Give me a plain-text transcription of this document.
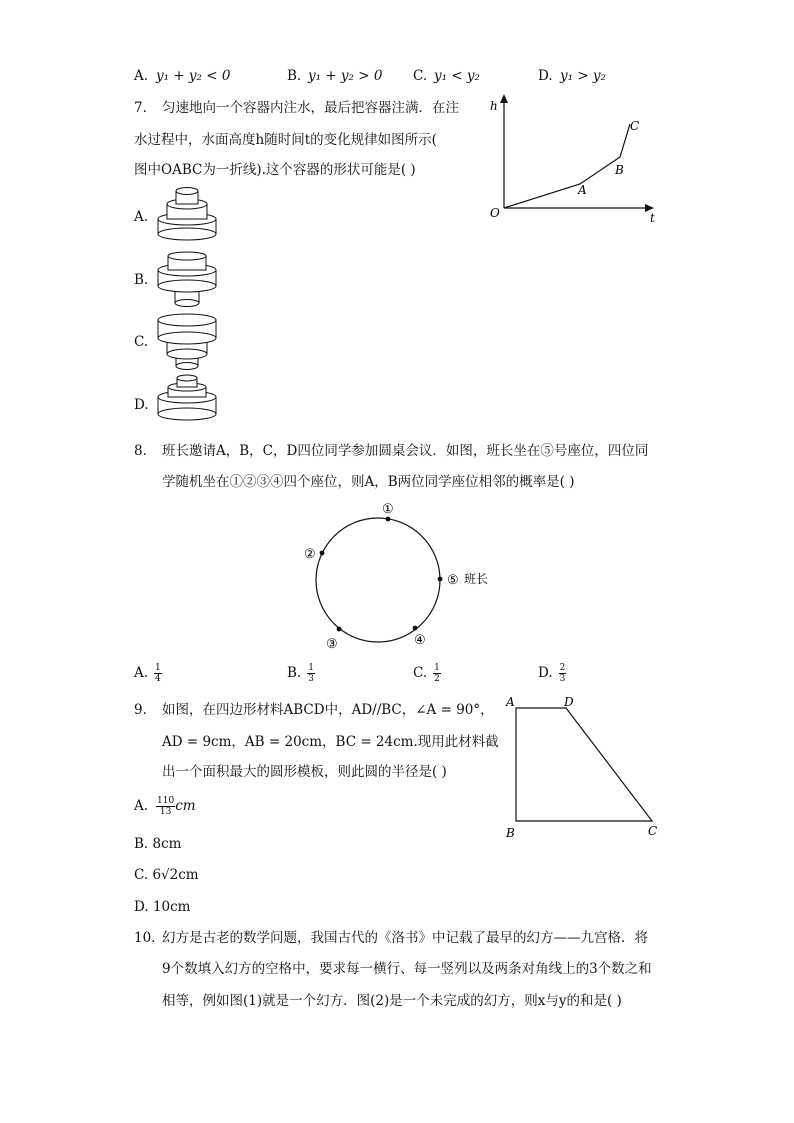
A. y₁ + y₂ < 0	B. y₁ + y₂ > 0 C. y₁ < y₂	D. y₁ > y₂
7. 匀速地向一个容器内注水，最后把容器注满．在注
水过程中，水面高度h随时间t的变化规律如图所示(
图中OABC为一折线).这个容器的形状可能是( )
h
t
O
A
B
C
A.
B.
C.
D.
8. 班长邀请A，B，C，D四位同学参加圆桌会议．如图，班长坐在⑤号座位，四位同
学随机坐在①②③④四个座位，则A，B两位同学座位相邻的概率是( )
①
②
③	④
⑤ 班长
A. $\frac{1}{4}$	B. $\frac{1}{3}$	C. $\frac{1}{2}$	D. $\frac{2}{3}$
9. 如图，在四边形材料ABCD中，AD//BC，∠A = 90°，
AD = 9cm，AB = 20cm，BC = 24cm.现用此材料截
出一个面积最大的圆形模板，则此圆的半径是( )
A	D
B	C
A. $\frac{110}{13}$ cm
B. 8cm
C. 6√2cm
D. 10cm
10. 幻方是古老的数学问题，我国古代的《洛书》中记载了最早的幻方——九宫格．将
9个数填入幻方的空格中，要求每一横行、每一竖列以及两条对角线上的3个数之和
相等，例如图(1)就是一个幻方．图(2)是一个未完成的幻方，则x与y的和是( )
